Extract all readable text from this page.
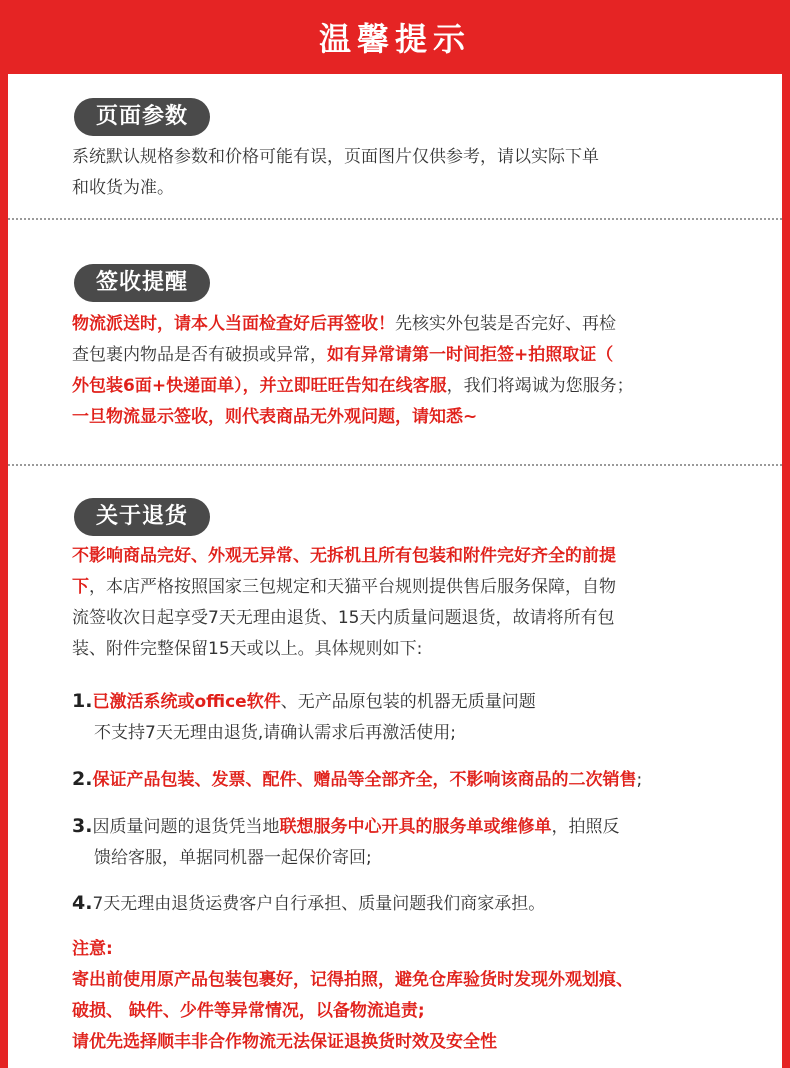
温馨提示
页面参数
系统默认规格参数和价格可能有误，页面图片仅供参考，请以实际下单
和收货为准。
签收提醒
物流派送时，请本人当面检查好后再签收！先核实外包装是否完好、再检
查包裹内物品是否有破损或异常，如有异常请第一时间拒签+拍照取证（
外包装6面+快递面单），并立即旺旺告知在线客服，我们将竭诚为您服务；
一旦物流显示签收，则代表商品无外观问题，请知悉~
关于退货
不影响商品完好、外观无异常、无拆机且所有包装和附件完好齐全的前提
下，本店严格按照国家三包规定和天猫平台规则提供售后服务保障，自物
流签收次日起享受7天无理由退货、15天内质量问题退货，故请将所有包
装、附件完整保留15天或以上。具体规则如下:
1.已激活系统或office软件、无产品原包装的机器无质量问题
不支持7天无理由退货,请确认需求后再激活使用;
2.保证产品包装、发票、配件、赠品等全部齐全，不影响该商品的二次销售;
3.因质量问题的退货凭当地联想服务中心开具的服务单或维修单，拍照反
馈给客服，单据同机器一起保价寄回;
4.7天无理由退货运费客户自行承担、质量问题我们商家承担。
注意:
寄出前使用原产品包装包裹好，记得拍照，避免仓库验货时发现外观划痕、
破损、 缺件、少件等异常情况，以备物流追责;
请优先选择顺丰非合作物流无法保证退换货时效及安全性
